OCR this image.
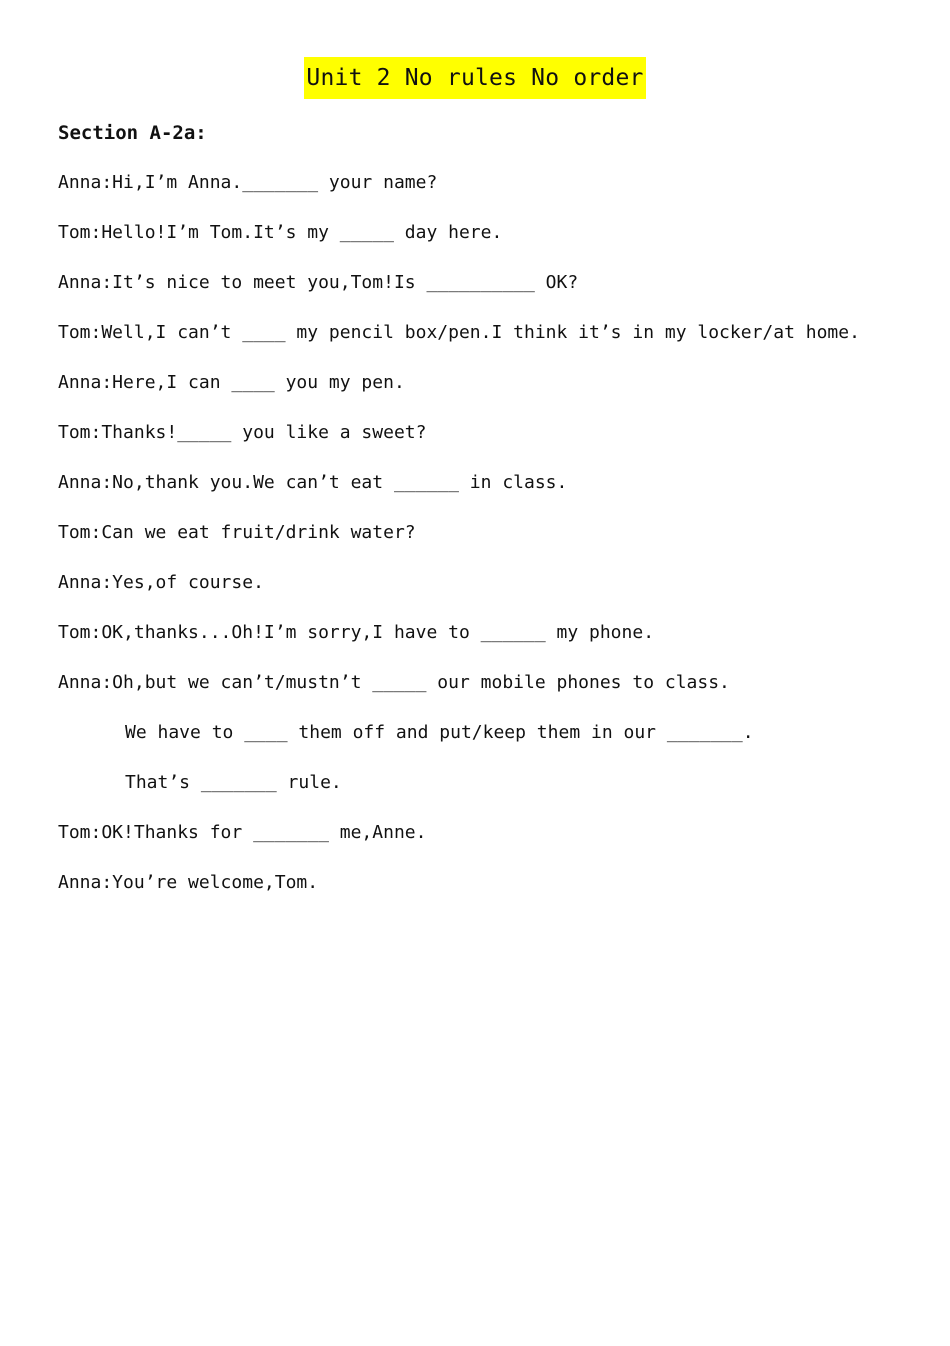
Unit 2 No rules No order
Section A-2a:
Anna:Hi,I’m Anna._______ your name?
Tom:Hello!I’m Tom.It’s my _____ day here.
Anna:It’s nice to meet you,Tom!Is __________ OK?
Tom:Well,I can’t ____ my pencil box/pen.I think it’s in my locker/at home.
Anna:Here,I can ____ you my pen.
Tom:Thanks!_____ you like a sweet?
Anna:No,thank you.We can’t eat ______ in class.
Tom:Can we eat fruit/drink water?
Anna:Yes,of course.
Tom:OK,thanks...Oh!I’m sorry,I have to ______ my phone.
Anna:Oh,but we can’t/mustn’t _____ our mobile phones to class.
We have to ____ them off and put/keep them in our _______.
That’s _______ rule.
Tom:OK!Thanks for _______ me,Anne.
Anna:You’re welcome,Tom.
